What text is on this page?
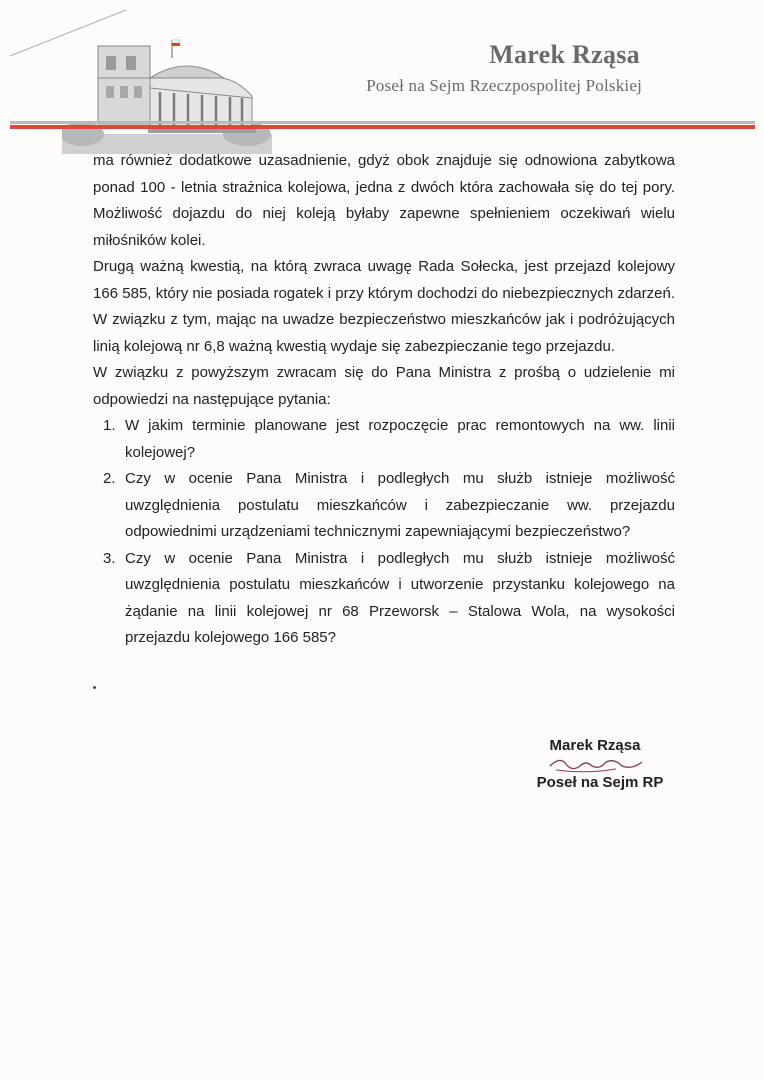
Marek Rząsa
Poseł na Sejm Rzeczpospolitej Polskiej

ma również dodatkowe uzasadnienie, gdyż obok znajduje się odnowiona zabytkowa ponad 100 - letnia strażnica kolejowa, jedna z dwóch która zachowała się do tej pory. Możliwość dojazdu do niej koleją byłaby zapewne spełnieniem oczekiwań wielu miłośników kolei.

Drugą ważną kwestią, na którą zwraca uwagę Rada Sołecka, jest przejazd kolejowy 166 585, który nie posiada rogatek i przy którym dochodzi do niebezpiecznych zdarzeń. W związku z tym, mając na uwadze bezpieczeństwo mieszkańców jak i podróżujących linią kolejową nr 6,8 ważną kwestią wydaje się zabezpieczanie tego przejazdu.

W związku z powyższym zwracam się do Pana Ministra z prośbą o udzielenie mi odpowiedzi na następujące pytania:

1. W jakim terminie planowane jest rozpoczęcie prac remontowych na ww. linii kolejowej?
2. Czy w ocenie Pana Ministra i podległych mu służb istnieje możliwość uwzględnienia postulatu mieszkańców i zabezpieczanie ww. przejazdu odpowiednimi urządzeniami technicznymi zapewniającymi bezpieczeństwo?
3. Czy w ocenie Pana Ministra i podległych mu służb istnieje możliwość uwzględnienia postulatu mieszkańców i utworzenie przystanku kolejowego na żądanie na linii kolejowej nr 68 Przeworsk – Stalowa Wola, na wysokości przejazdu kolejowego 166 585?
Marek Rząsa
Poseł na Sejm RP
